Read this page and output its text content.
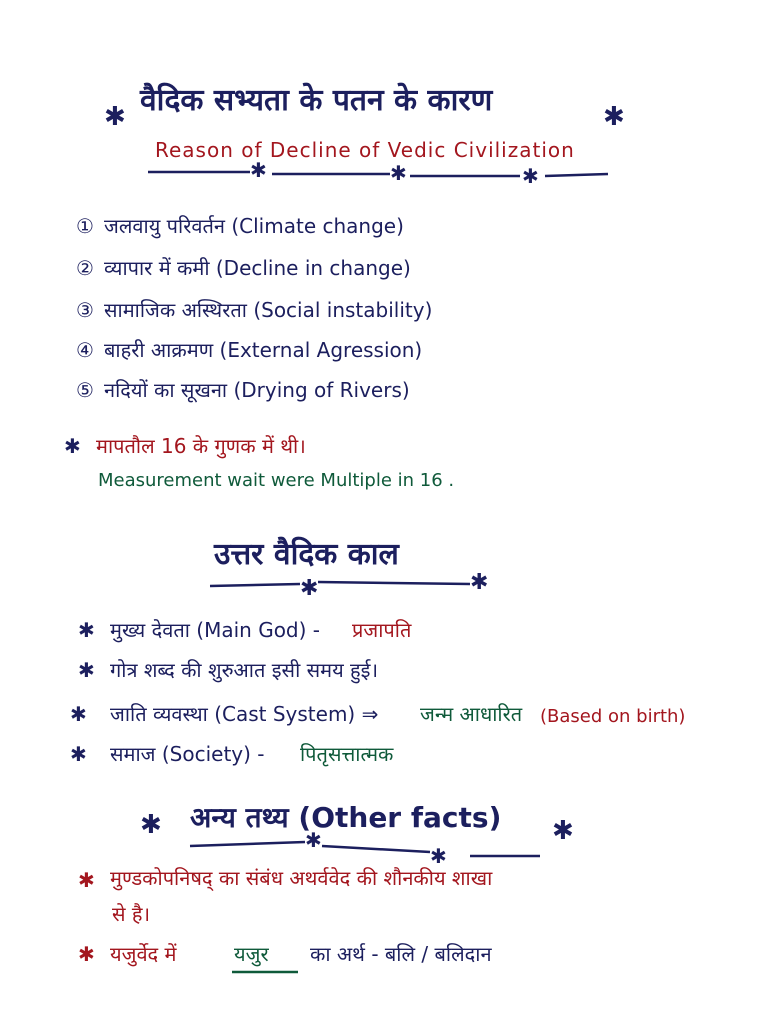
✱ वैदिक सभ्यता के पतन के कारण	✱
Reason of Decline of Vedic Civilization
✱	✱	✱
① जलवायु परिवर्तन (Climate change)
② व्यापार में कमी (Decline in change)
③ सामाजिक अस्थिरता (Social instability)
④ बाहरी आक्रमण (External Agression)
⑤ नदियों का सूखना (Drying of Rivers)
✱ मापतौल 16 के गुणक में थी।
Measurement wait were Multiple in 16 .
उत्तर वैदिक काल
✱	✱
✱ मुख्य देवता (Main God) - प्रजापति
✱ गोत्र शब्द की शुरुआत इसी समय हुई।
✱ जाति व्यवस्था (Cast System) ⇒ जन्म आधारित (Based on birth)
✱ समाज (Society) - पितृसत्तात्मक
✱ अन्य तथ्य (Other facts) ✱
✱
✱
✱ मुण्डकोपनिषद् का संबंध अथर्ववेद की शौनकीय शाखा
से है।
✱ यजुर्वेद में	यजुर का अर्थ - बलि / बलिदान
